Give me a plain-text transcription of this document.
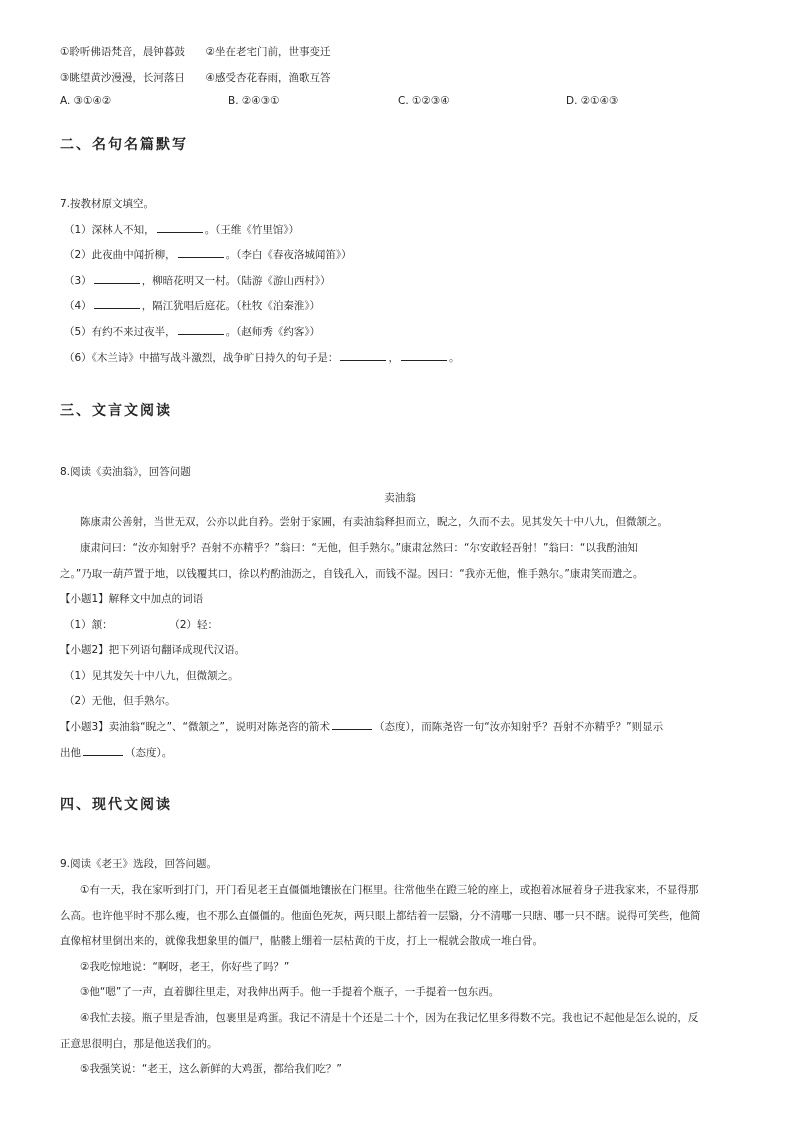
①聆听佛语梵音，晨钟暮鼓 ②坐在老宅门前，世事变迁
③眺望黄沙漫漫，长河落日 ④感受杏花春雨，渔歌互答
A. ③①④②	B. ②④③①	C. ①②③④	D. ②①④③
二、名句名篇默写
7.按教材原文填空。
（1）深林人不知，	。（王维《竹里馆》）
（2）此夜曲中闻折柳，	。（李白《春夜洛城闻笛》）
（3）	，柳暗花明又一村。（陆游《游山西村》）
（4）	，隔江犹唱后庭花。（杜牧《泊秦淮》）
（5）有约不来过夜半，	。（赵师秀《约客》）
（6）《木兰诗》中描写战斗激烈，战争旷日持久的句子是：	，	。
三、文言文阅读
8.阅读《卖油翁》，回答问题
卖油翁
陈康肃公善射，当世无双，公亦以此自矜。尝射于家圃，有卖油翁释担而立，睨之，久而不去。见其发矢十中八九，但微颔之。
康肃问曰：“汝亦知射乎？吾射不亦精乎？”翁曰：“无他，但手熟尔。”康肃忿然曰：“尔安敢轻吾射！”翁曰：“以我酌油知
之。”乃取一葫芦置于地，以钱覆其口，徐以杓酌油沥之，自钱孔入，而钱不湿。因曰：“我亦无他，惟手熟尔。”康肃笑而遣之。
【小题1】解释文中加点的词语
（1）颔：	（2）轻：
【小题2】把下列语句翻译成现代汉语。
（1）见其发矢十中八九，但微颔之。
（2）无他，但手熟尔。
【小题3】卖油翁“睨之”、“微颔之”，说明对陈尧咨的箭术	（态度），而陈尧咨一句“汝亦知射乎？吾射不亦精乎？”则显示
出他	（态度）。
四、现代文阅读
9.阅读《老王》选段，回答问题。
①有一天，我在家听到打门，开门看见老王直僵僵地镶嵌在门框里。往常他坐在蹬三轮的座上，或抱着冰屉着身子进我家来，不显得那
么高。也许他平时不那么瘦，也不那么直僵僵的。他面色死灰，两只眼上都结着一层翳，分不清哪一只瞎、哪一只不瞎。说得可笑些，他简
直像棺材里倒出来的，就像我想象里的僵尸，骷髅上绷着一层枯黄的干皮，打上一棍就会散成一堆白骨。
②我吃惊地说：“啊呀，老王，你好些了吗？”
③他“嗯”了一声，直着脚往里走，对我伸出两手。他一手提着个瓶子，一手提着一包东西。
④我忙去接。瓶子里是香油，包裹里是鸡蛋。我记不清是十个还是二十个，因为在我记忆里多得数不完。我也记不起他是怎么说的，反
正意思很明白，那是他送我们的。
⑤我强笑说：“老王，这么新鲜的大鸡蛋，都给我们吃？”
